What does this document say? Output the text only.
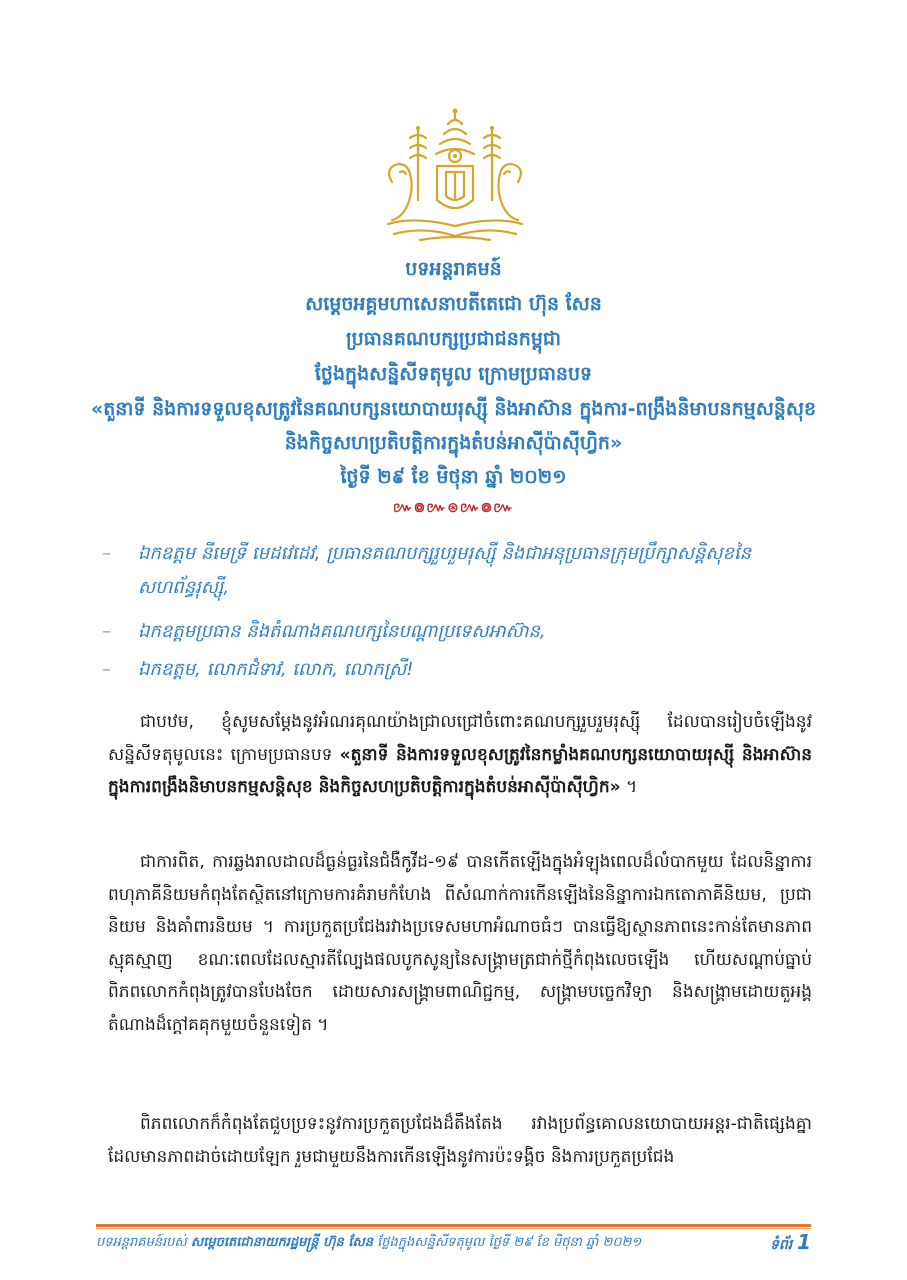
បទអន្តរាគមន៍
សម្តេចអគ្គមហាសេនាបតីតេជោ ហ៊ុន សែន
ប្រធានគណបក្សប្រជាជនកម្ពុជា
ថ្លែងក្នុងសន្និសីទតុមូល ក្រោមប្រធានបទ
«តួនាទី និងការទទួលខុសត្រូវនៃគណបក្សនយោបាយរុស្ស៊ី និងអាស៊ាន ក្នុងការ-ពង្រឹងនិមាបនកម្មសន្តិសុខ និងកិច្ចសហប្រតិបត្តិការក្នុងតំបន់អាស៊ីប៉ាស៊ីហ្វិក»
ថ្ងៃទី ២៩ ខែ មិថុនា ឆ្នាំ ២០២១
៚៙៚⊛៚៙៚
– ឯកឧត្តម នីមេទ្រី មេដវេដេវ, ប្រធានគណបក្សរួបរួមរុស្ស៊ី និងជាអនុប្រធានក្រុមប្រឹក្សាសន្តិសុខនៃសហព័ន្ធរុស្ស៊ី,
– ឯកឧត្តមប្រធាន និងតំណាងគណបក្សនៃបណ្តាប្រទេសអាស៊ាន,
– ឯកឧត្តម, លោកជំទាវ, លោក, លោកស្រី!
ជាបឋម, ខ្ញុំសូមសម្តែងនូវអំណរគុណយ៉ាងជ្រាលជ្រៅចំពោះគណបក្សរួបរួមរុស្ស៊ី ដែលបានរៀបចំឡើងនូវសន្និសីទតុមូលនេះ ក្រោមប្រធានបទ «តួនាទី និងការទទួលខុសត្រូវនៃកម្លាំងគណបក្សនយោបាយរុស្ស៊ី និងអាស៊ាន ក្នុងការពង្រឹងនិមាបនកម្មសន្តិសុខ និងកិច្ចសហប្រតិបត្តិការក្នុងតំបន់អាស៊ីប៉ាស៊ីហ្វិក» ។
ជាការពិត, ការឆ្លងរាលដាលដ៏ធ្ងន់ធ្ងរនៃជំងឺកូវីដ-១៩ បានកើតឡើងក្នុងអំឡុងពេលដ៏លំបាកមួយ ដែលនិន្នាការពហុភាគីនិយមកំពុងតែស្ថិតនៅក្រោមការគំរាមកំហែង ពីសំណាក់ការកើនឡើងនៃនិន្នាការឯកតោភាគីនិយម, ប្រជានិយម និងគាំពារនិយម ។ ការប្រកួតប្រជែងរវាងប្រទេសមហាអំណាចធំៗ បានធ្វើឱ្យស្ថានភាពនេះកាន់តែមានភាពស្មុគស្មាញ ខណៈពេលដែលស្មារតីល្បែងផលបូកសូន្យនៃសង្គ្រាមត្រជាក់ថ្មីកំពុងលេចឡើង ហើយសណ្តាប់ធ្នាប់ពិភពលោកកំពុងត្រូវបានបែងចែក ដោយសារសង្គ្រាមពាណិជ្ជកម្ម, សង្គ្រាមបច្ចេកវិទ្យា និងសង្គ្រាមដោយតួអង្គតំណាងដ៏ក្តៅគគុកមួយចំនួនទៀត ។
ពិភពលោកក៏កំពុងតែជួបប្រទះនូវការប្រកួតប្រជែងដ៏តឹងតែង រវាងប្រព័ន្ធគោលនយោបាយអន្តរ-ជាតិផ្សេងគ្នា ដែលមានភាពដាច់ដោយឡែក រួមជាមួយនឹងការកើនឡើងនូវការប៉ះទង្គិច និងការប្រកួតប្រជែង
បទអន្តរាគមន៍របស់ សម្តេចតេជោនាយករដ្ឋមន្ត្រី ហ៊ុន សែន ថ្លែងក្នុងសន្និសីទតុមូល ថ្ងៃទី ២៩ ខែ មិថុនា ឆ្នាំ ២០២១	ទំព័រ 1
